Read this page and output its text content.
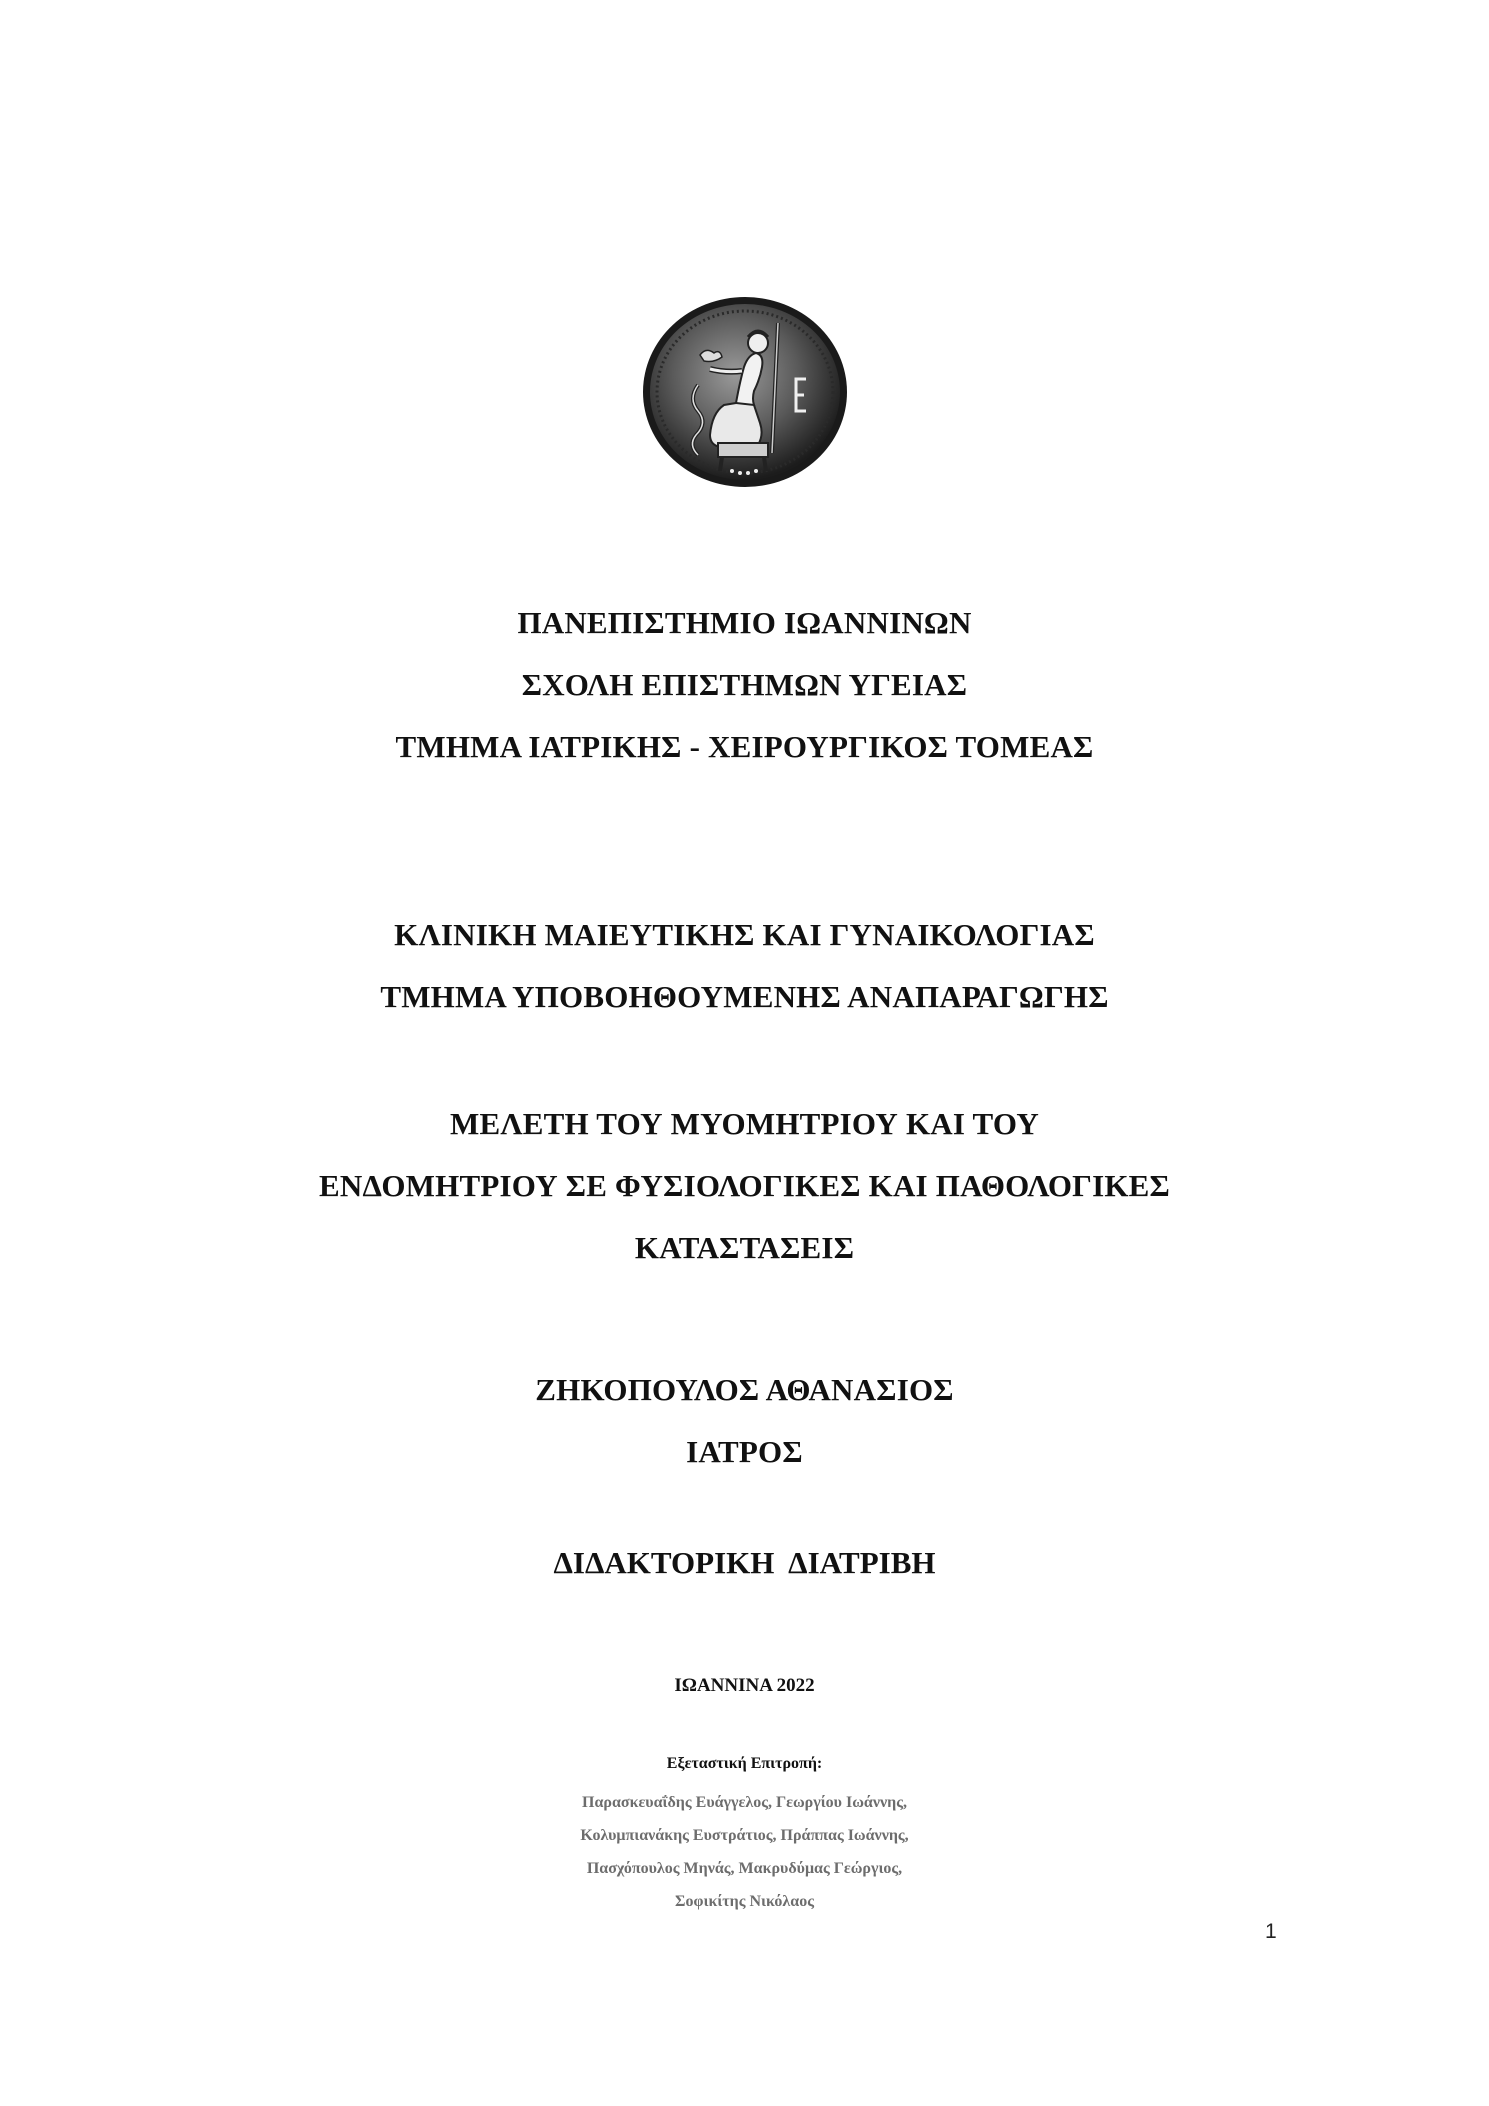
ΠΑΝΕΠΙΣΤΗΜΙΟ ΙΩΑΝΝΙΝΩΝ
ΣΧΟΛΗ ΕΠΙΣΤΗΜΩΝ ΥΓΕΙΑΣ
ΤΜΗΜΑ ΙΑΤΡΙΚΗΣ - ΧΕΙΡΟΥΡΓΙΚΟΣ ΤΟΜΕΑΣ
ΚΛΙΝΙΚΗ ΜΑΙΕΥΤΙΚΗΣ ΚΑΙ ΓΥΝΑΙΚΟΛΟΓΙΑΣ
ΤΜΗΜΑ ΥΠΟΒΟΗΘΟΥΜΕΝΗΣ ΑΝΑΠΑΡΑΓΩΓΗΣ
ΜΕΛΕΤΗ ΤΟΥ ΜΥΟΜΗΤΡΙΟΥ ΚΑΙ ΤΟΥ
ΕΝΔΟΜΗΤΡΙΟΥ ΣΕ ΦΥΣΙΟΛΟΓΙΚΕΣ ΚΑΙ ΠΑΘΟΛΟΓΙΚΕΣ
ΚΑΤΑΣΤΑΣΕΙΣ
ΖΗΚΟΠΟΥΛΟΣ ΑΘΑΝΑΣΙΟΣ
ΙΑΤΡΟΣ
ΔΙΔΑΚΤΟΡΙΚΗ  ΔΙΑΤΡΙΒΗ
ΙΩΑΝΝΙΝΑ 2022
Εξεταστική Επιτροπή:
Παρασκευαΐδης Ευάγγελος, Γεωργίου Ιωάννης,
Κολυμπιανάκης Ευστράτιος, Πράππας Ιωάννης,
Πασχόπουλος Μηνάς, Μακρυδύμας Γεώργιος,
Σοφικίτης Νικόλαος
1
